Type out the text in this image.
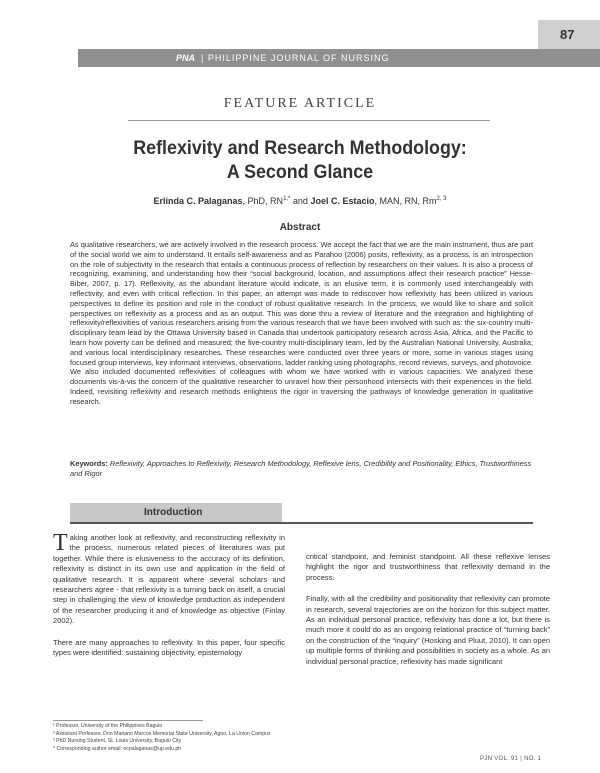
87
PNA | PHILIPPINE JOURNAL OF NURSING
FEATURE ARTICLE
Reflexivity and Research Methodology:
A Second Glance
Erlinda C. Palaganas, PhD, $RN^{1,*}$ and Joel C. Estacio, MAN, RN, Rm$^{2, 3}$
Abstract
As qualitative researchers, we are actively involved in the research process. We accept the fact that we are the main instrument, thus are part of the social world we aim to understand. It entails self-awareness and as Parahoo (2006) posits, reflexivity, as a process, is an introspection on the role of subjectivity in the research that entails a continuous process of reflection by researchers on their values. It is also a process of recognizing, examining, and understanding how their “social background, location, and assumptions affect their research practice” Hesse-Biber, 2007, p. 17). Reflexivity, as the abundant literature would indicate, is an elusive term, it is commonly used interchangeably with reflectivity, and even with critical reflection. In this paper, an attempt was made to rediscover how reflexivity has been utilized in various perspectives to define its position and role in the conduct of robust qualitative research. In the process, we would like to share and solicit perspectives on reflexivity as a process and as an output. This was done thru a review of literature and the integration and highlighting of reflexivity/reflexivities of various researchers arising from the various research that we have been involved with such as: the six-country multi-disciplinary team lead by the Ottawa University based in Canada that undertook participatory research across Asia, Africa, and the Pacific to learn how poverty can be defined and measured; the five-country multi-disciplinary team, led by the Australian National University, Australia; and various local interdisciplinary researches. These researches were conducted over three years or more, some in various stages using focused group interviews, key informant interviews, observations, ladder ranking using photographs, record reviews, surveys, and photovoice. We also included documented reflexivities of colleagues with whom we have worked with in various capacities. We analyzed these documents vis-à-vis the concern of the qualitative researcher to unravel how their personhood intersects with their experiences in the field. Indeed, revisiting reflexivity and research methods enlightens the rigor in traversing the pathways of knowledge generation in qualitative research.
Keywords: Reflexivity, Approaches to Reflexivity, Research Methodology, Reflexive lens, Credibility and Positionality, Ethics, Trustworthiness and Rigor
Introduction

Taking another look at reflexivity, and reconstructing reflexivity in the process, numerous related pieces of literatures was put together. While there is elusiveness to the accuracy of its definition, reflexivity is distinct in its own use and application in the field of qualitative research. It is apparent where several scholars and researchers agree - that reflexivity is a turning back on itself, a crucial step in challenging the view of knowledge production as independent of the researcher producing it and of knowledge as objective (Finlay 2002).

There are many approaches to reflexivity. In this paper, four specific types were identified: sustaining objectivity, epistemology

critical standpoint, and feminist standpoint. All these reflexive lenses highlight the rigor and trustworthiness that reflexivity demand in the process.

Finally, with all the credibility and positionality that reflexivity can promote in research, several trajectories are on the horizon for this subject matter. As an individual personal practice, reflexivity has done a lot, but there is much more it could do as an ongoing relational practice of “turning back” on the construction of the “inquiry” (Hosking and Pluut, 2010). It can open up multiple forms of thinking and possibilities in society as a whole. As an individual personal practice, reflexivity has made significant

¹ Professor, University of the Philippines Baguio
² Assistant Professor, Don Mariano Marcos Memorial State University, Agoo, La Union Campus
³ PhD Nursing Student, St. Louis University, Baguio City
* Corresponding author email: ecpalaganas@up.edu.ph
PJN VOL. 91 | NO. 1
